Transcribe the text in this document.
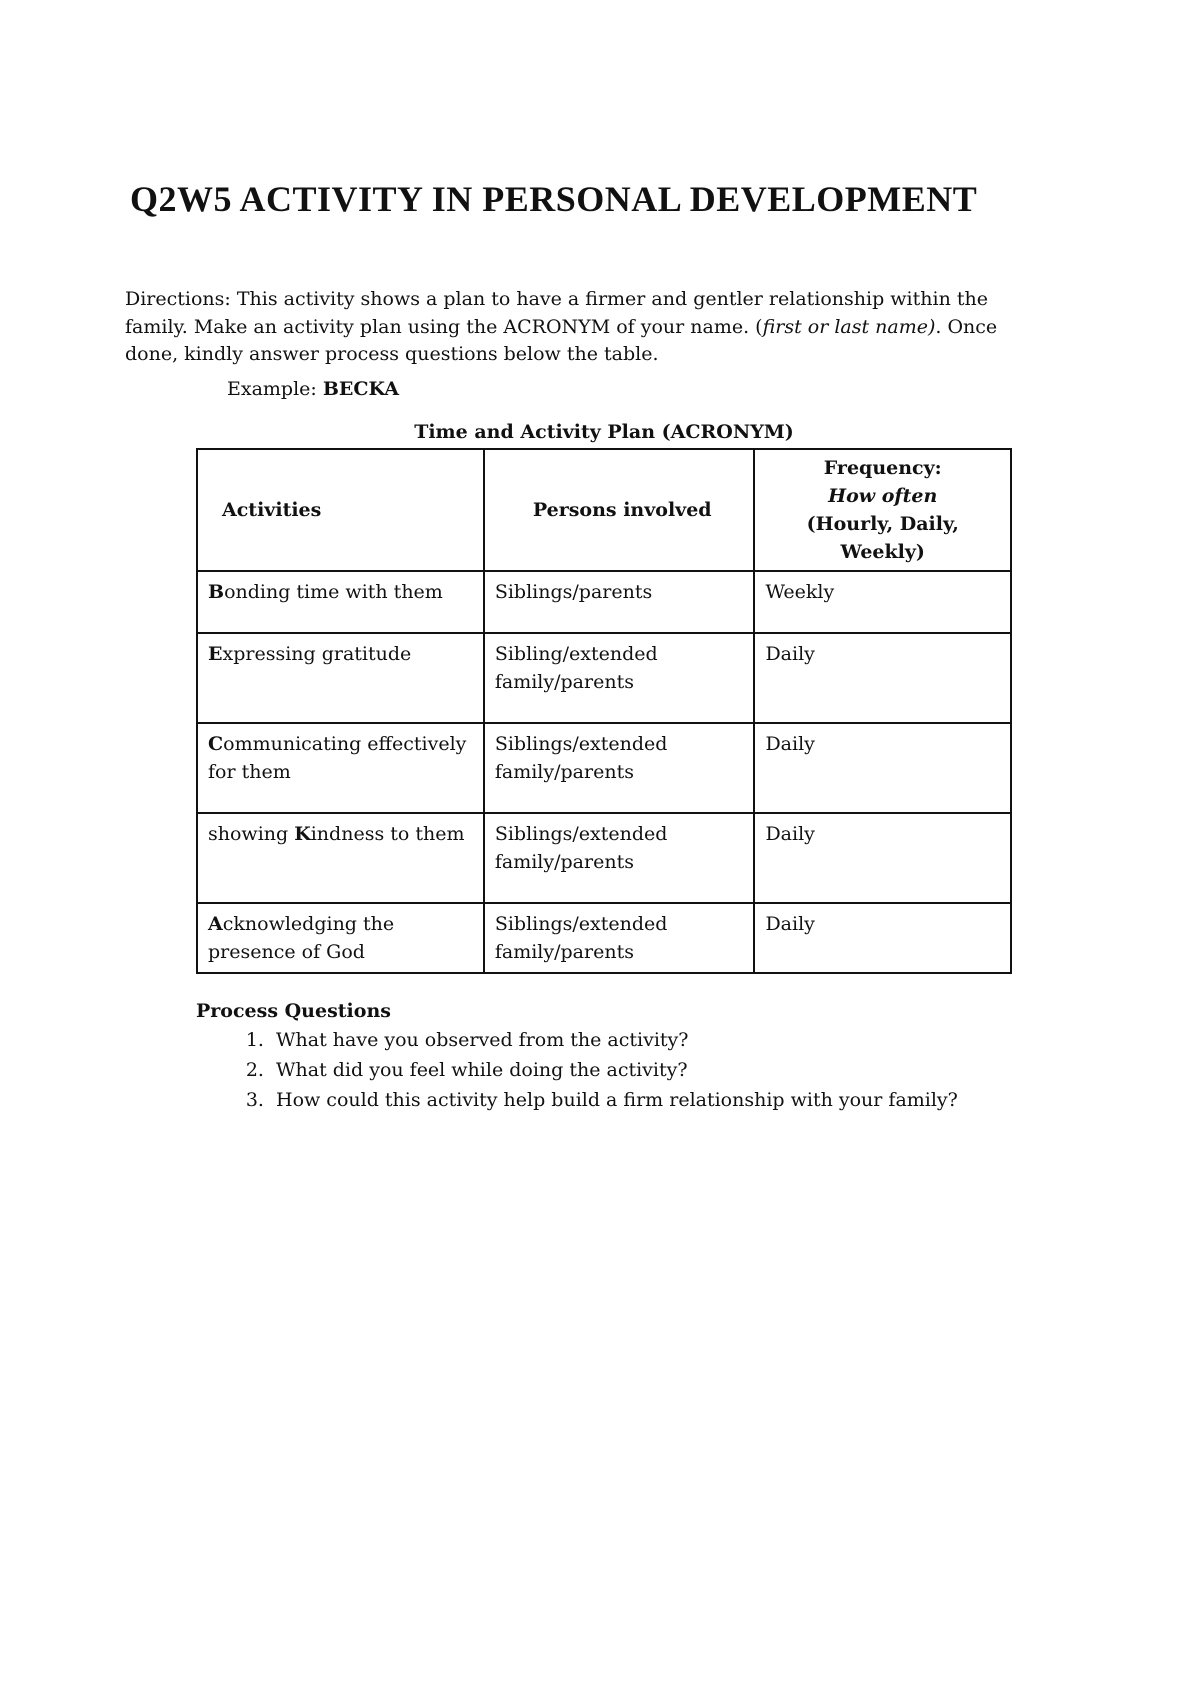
Q2W5 ACTIVITY IN PERSONAL DEVELOPMENT

Directions: This activity shows a plan to have a firmer and gentler relationship within the family. Make an activity plan using the ACRONYM of your name. (first or last name). Once done, kindly answer process questions below the table.

Example: BECKA

Time and Activity Plan (ACRONYM)

Activities	Persons involved	Frequency:
How often
(Hourly, Daily, Weekly)

Bonding time with them	Siblings/parents	Weekly
Expressing gratitude	Sibling/extended family/parents	Daily
Communicating effectively for them	Siblings/extended family/parents	Daily
showing Kindness to them	Siblings/extended family/parents	Daily
Acknowledging the presence of God	Siblings/extended family/parents	Daily

Process Questions

1. What have you observed from the activity?
2. What did you feel while doing the activity?
3. How could this activity help build a firm relationship with your family?
